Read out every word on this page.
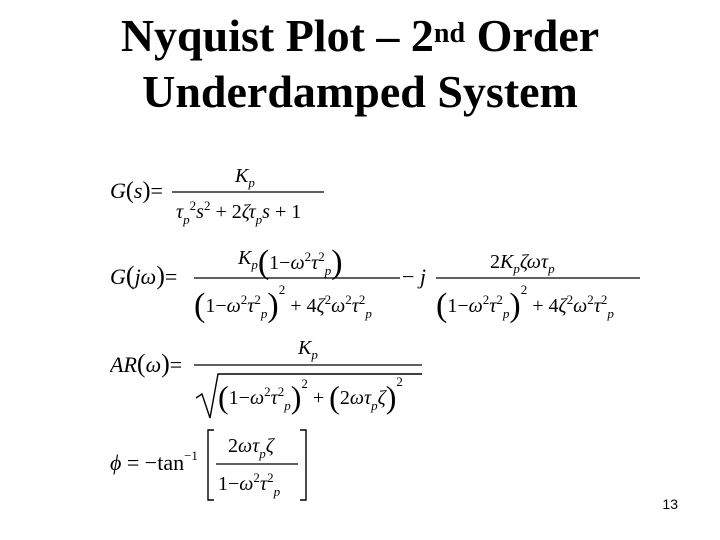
Nyquist Plot – 2nd Order
Underdamped System
G(s)=
$K_p$
$\tau_p^2s^2 + 2\zeta\tau_ps + 1$
G(jω)=
$K_p(1-\omega^2\tau^2_p)$
$(1-\omega^2\tau^2_p)^2 + 4\zeta^2\omega^2\tau^2_p$
− j
$2K_p\zeta\omega\tau_p$
$(1-\omega^2\tau^2_p)^2 + 4\zeta^2\omega^2\tau^2_p$
AR(ω)=
$K_p$
$(1-\omega^2\tau^2_p)^2 + (2\omega\tau_p\zeta)^2$
$\phi = -\tan^{-1}$ $2\omega\tau_p\zeta$
$1-\omega^2\tau^2_p$
13
